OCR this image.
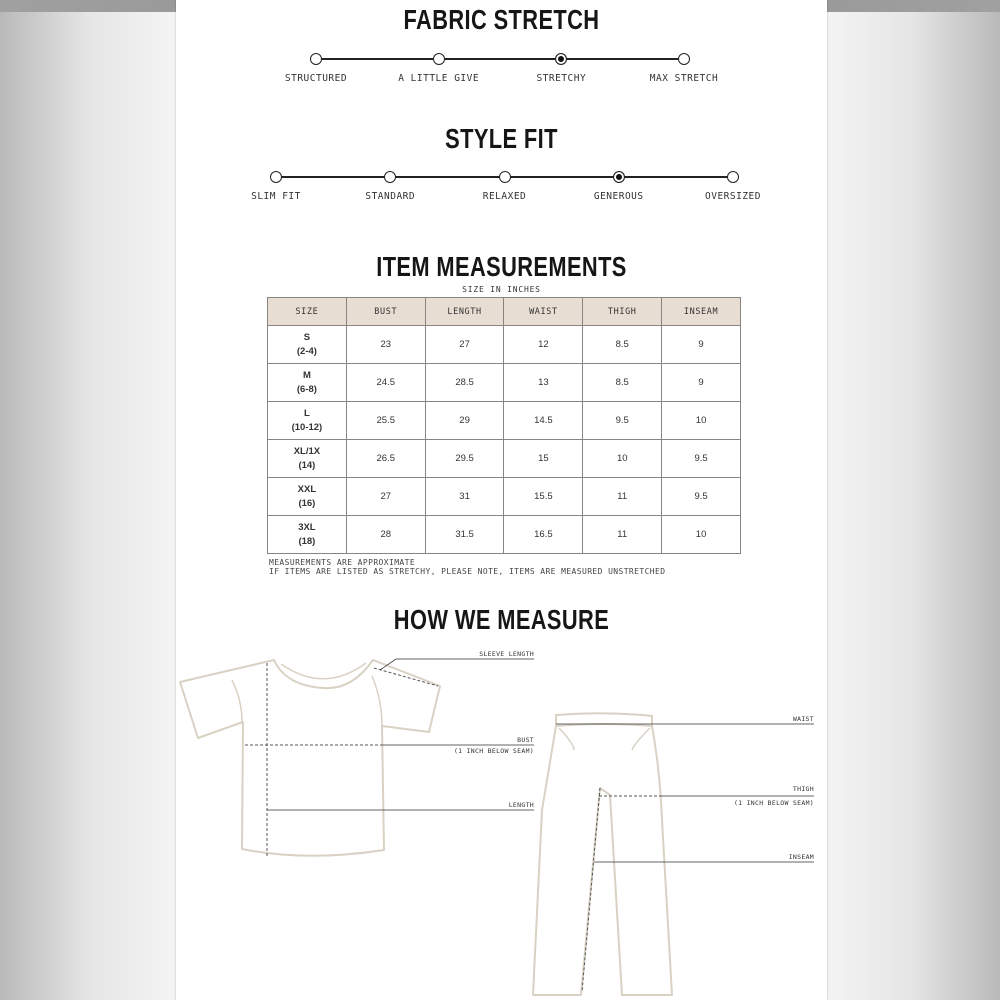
FABRIC STRETCH
STRUCTURED	A LITTLE GIVE	STRETCHY	MAX STRETCH
STYLE FIT
SLIM FIT	STANDARD	RELAXED	GENEROUS	OVERSIZED
ITEM MEASUREMENTS
SIZE IN INCHES
SIZE	BUST	LENGTH	WAIST	THIGH	INSEAM

S
(2-4)	23	27	12	8.5	9

M
(6-8)	24.5	28.5	13	8.5	9

L
(10-12)	25.5	29	14.5	9.5	10

XL/1X
(14)	26.5	29.5	15	10	9.5

XXL
(16)	27	31	15.5	11	9.5

3XL
(18)	28	31.5	16.5	11	10
MEASUREMENTS ARE APPROXIMATE
IF ITEMS ARE LISTED AS STRETCHY, PLEASE NOTE, ITEMS ARE MEASURED UNSTRETCHED
HOW WE MEASURE
SLEEVE LENGTH
BUST
(1 INCH BELOW SEAM)
LENGTH
WAIST
THIGH
(1 INCH BELOW SEAM)
INSEAM
